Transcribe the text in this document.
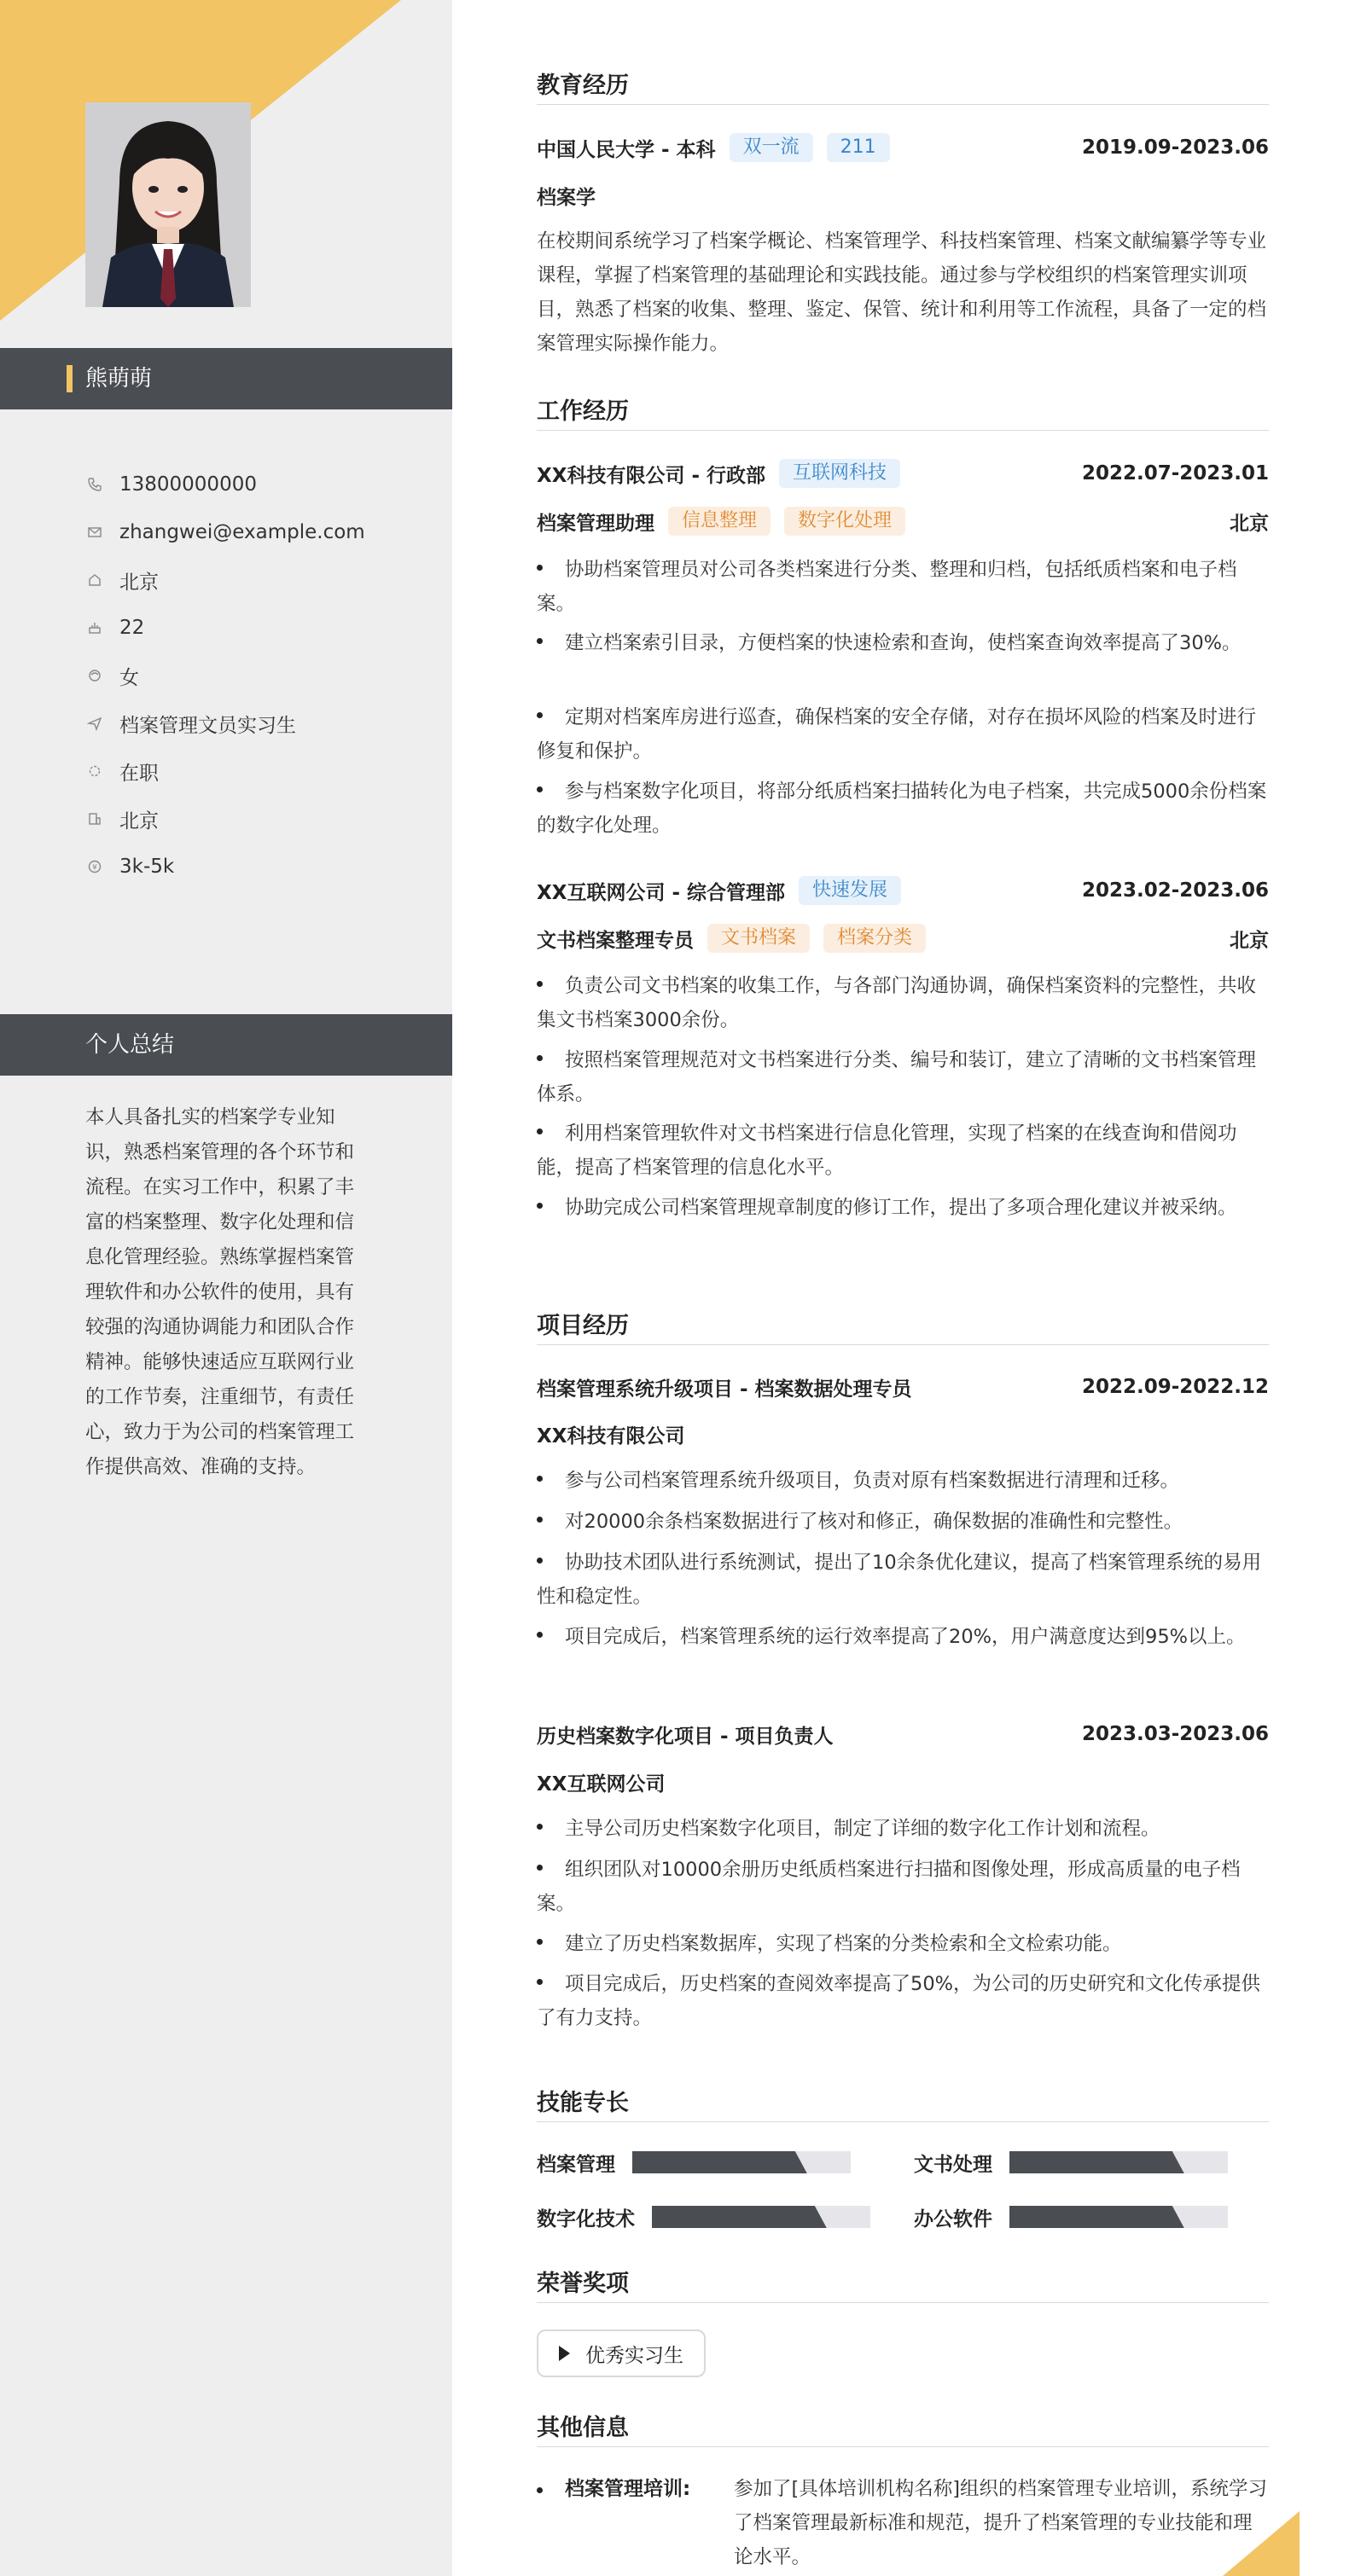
熊萌萌
13800000000
zhangwei@example.com
北京
22
女
档案管理文员实习生
在职
北京
¥ 3k-5k
个人总结
本人具备扎实的档案学专业知识，熟悉档案管理的各个环节和流程。在实习工作中，积累了丰富的档案整理、数字化处理和信息化管理经验。熟练掌握档案管理软件和办公软件的使用，具有较强的沟通协调能力和团队合作精神。能够快速适应互联网行业的工作节奏，注重细节，有责任心，致力于为公司的档案管理工作提供高效、准确的支持。
教育经历
中国人民大学 - 本科	双一流	211	2019.09-2023.06
档案学
在校期间系统学习了档案学概论、档案管理学、科技档案管理、档案文献编纂学等专业课程，掌握了档案管理的基础理论和实践技能。通过参与学校组织的档案管理实训项目，熟悉了档案的收集、整理、鉴定、保管、统计和利用等工作流程，具备了一定的档案管理实际操作能力。
工作经历
XX科技有限公司 - 行政部	互联网科技	2022.07-2023.01
档案管理助理	信息整理	数字化处理	北京
协助档案管理员对公司各类档案进行分类、整理和归档，包括纸质档案和电子档案。
建立档案索引目录，方便档案的快速检索和查询，使档案查询效率提高了30%。
定期对档案库房进行巡查，确保档案的安全存储，对存在损坏风险的档案及时进行修复和保护。
参与档案数字化项目，将部分纸质档案扫描转化为电子档案，共完成5000余份档案的数字化处理。
XX互联网公司 - 综合管理部	快速发展	2023.02-2023.06
文书档案整理专员	文书档案	档案分类	北京
负责公司文书档案的收集工作，与各部门沟通协调，确保档案资料的完整性，共收集文书档案3000余份。
按照档案管理规范对文书档案进行分类、编号和装订，建立了清晰的文书档案管理体系。
利用档案管理软件对文书档案进行信息化管理，实现了档案的在线查询和借阅功能，提高了档案管理的信息化水平。
协助完成公司档案管理规章制度的修订工作，提出了多项合理化建议并被采纳。
项目经历
档案管理系统升级项目 - 档案数据处理专员	2022.09-2022.12
XX科技有限公司
参与公司档案管理系统升级项目，负责对原有档案数据进行清理和迁移。
对20000余条档案数据进行了核对和修正，确保数据的准确性和完整性。
协助技术团队进行系统测试，提出了10余条优化建议，提高了档案管理系统的易用性和稳定性。
项目完成后，档案管理系统的运行效率提高了20%，用户满意度达到95%以上。
历史档案数字化项目 - 项目负责人	2023.03-2023.06
XX互联网公司
主导公司历史档案数字化项目，制定了详细的数字化工作计划和流程。
组织团队对10000余册历史纸质档案进行扫描和图像处理，形成高质量的电子档案。
建立了历史档案数据库，实现了档案的分类检索和全文检索功能。
项目完成后，历史档案的查阅效率提高了50%，为公司的历史研究和文化传承提供了有力支持。
技能专长
档案管理	文书处理
数字化技术	办公软件
荣誉奖项
优秀实习生
其他信息
档案管理培训:	参加了[具体培训机构名称]组织的档案管理专业培训，系统学习了档案管理最新标准和规范，提升了档案管理的专业技能和理论水平。
